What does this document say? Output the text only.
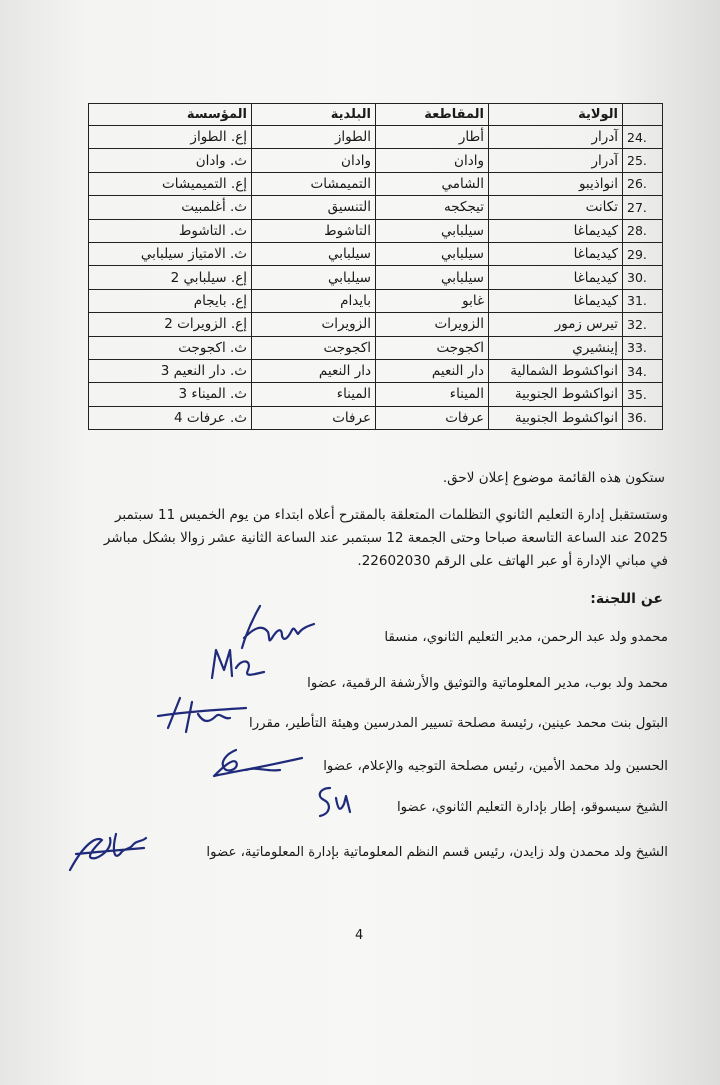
	الولاية	المقاطعة	البلدية	المؤسسة
24.	آدرار	أطار	الطواز	إع. الطواز
25.	آدرار	وادان	وادان	ث. وادان
26.	انواذيبو	الشامي	التميمشات	إع. التميميشات
27.	تكانت	تيجكجه	التنسيق	ث. أغلمبيت
28.	كيديماغا	سيلبابي	التاشوط	ث. التاشوط
29.	كيديماغا	سيلبابي	سيلبابي	ث. الامتياز سيلبابي
30.	كيديماغا	سيلبابي	سيلبابي	إع. سيلبابي 2
31.	كيديماغا	غابو	بايدام	إع. بايجام
32.	تيرس زمور	الزويرات	الزويرات	إع. الزويرات 2
33.	إينشيري	اكجوجت	اكجوجت	ث. اكجوجت
34.	انواكشوط الشمالية	دار النعيم	دار النعيم	ث. دار النعيم 3
35.	انواكشوط الجنوبية	الميناء	الميناء	ث. الميناء 3
36.	انواكشوط الجنوبية	عرفات	عرفات	ث. عرفات 4
ستكون هذه القائمة موضوع إعلان لاحق.
وستستقبل إدارة التعليم الثانوي التظلمات المتعلقة بالمقترح أعلاه ابتداء من يوم الخميس 11 سبتمبر
2025 عند الساعة التاسعة صباحا وحتى الجمعة 12 سبتمبر عند الساعة الثانية عشر زوالا بشكل مباشر
في مباني الإدارة أو عبر الهاتف على الرقم 22602030.
عن اللجنة:
محمدو ولد عبد الرحمن، مدير التعليم الثانوي، منسقا
محمد ولد بوب، مدير المعلوماتية والتوثيق والأرشفة الرقمية، عضوا
البتول بنت محمد عينين، رئيسة مصلحة تسيير المدرسين وهيئة التأطير، مقررا
الحسين ولد محمد الأمين، رئيس مصلحة التوجيه والإعلام، عضوا
الشيخ سيسوقو، إطار بإدارة التعليم الثانوي، عضوا
الشيخ ولد محمدن ولد زايدن، رئيس قسم النظم المعلوماتية بإدارة المعلوماتية، عضوا
4
